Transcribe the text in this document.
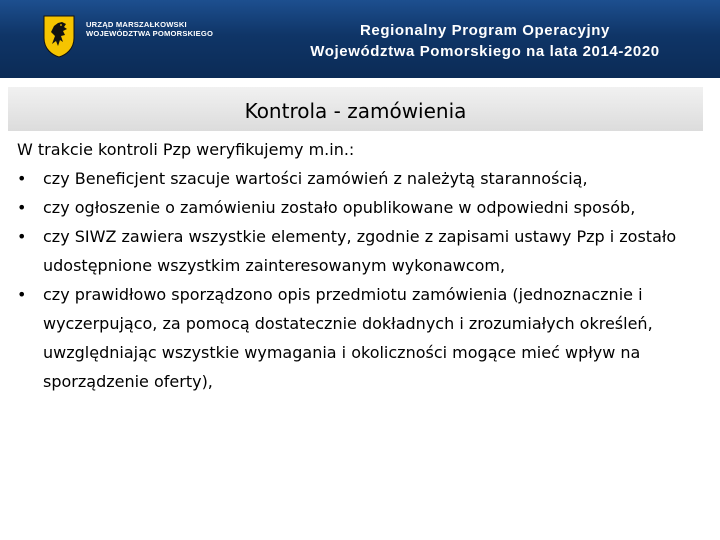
URZĄD MARSZAŁKOWSKI
WOJEWÓDZTWA POMORSKIEGO	Regionalny Program Operacyjny
Województwa Pomorskiego na lata 2014-2020
Kontrola - zamówienia

W trakcie kontroli Pzp weryfikujemy m.in.:

• czy Beneficjent szacuje wartości zamówień z należytą starannością,
• czy ogłoszenie o zamówieniu zostało opublikowane w odpowiedni sposób,
• czy SIWZ zawiera wszystkie elementy, zgodnie z zapisami ustawy Pzp i zostało udostępnione wszystkim zainteresowanym wykonawcom,
• czy prawidłowo sporządzono opis przedmiotu zamówienia (jednoznacznie i wyczerpująco, za pomocą dostatecznie dokładnych i zrozumiałych określeń, uwzględniając wszystkie wymagania i okoliczności mogące mieć wpływ na sporządzenie oferty),
